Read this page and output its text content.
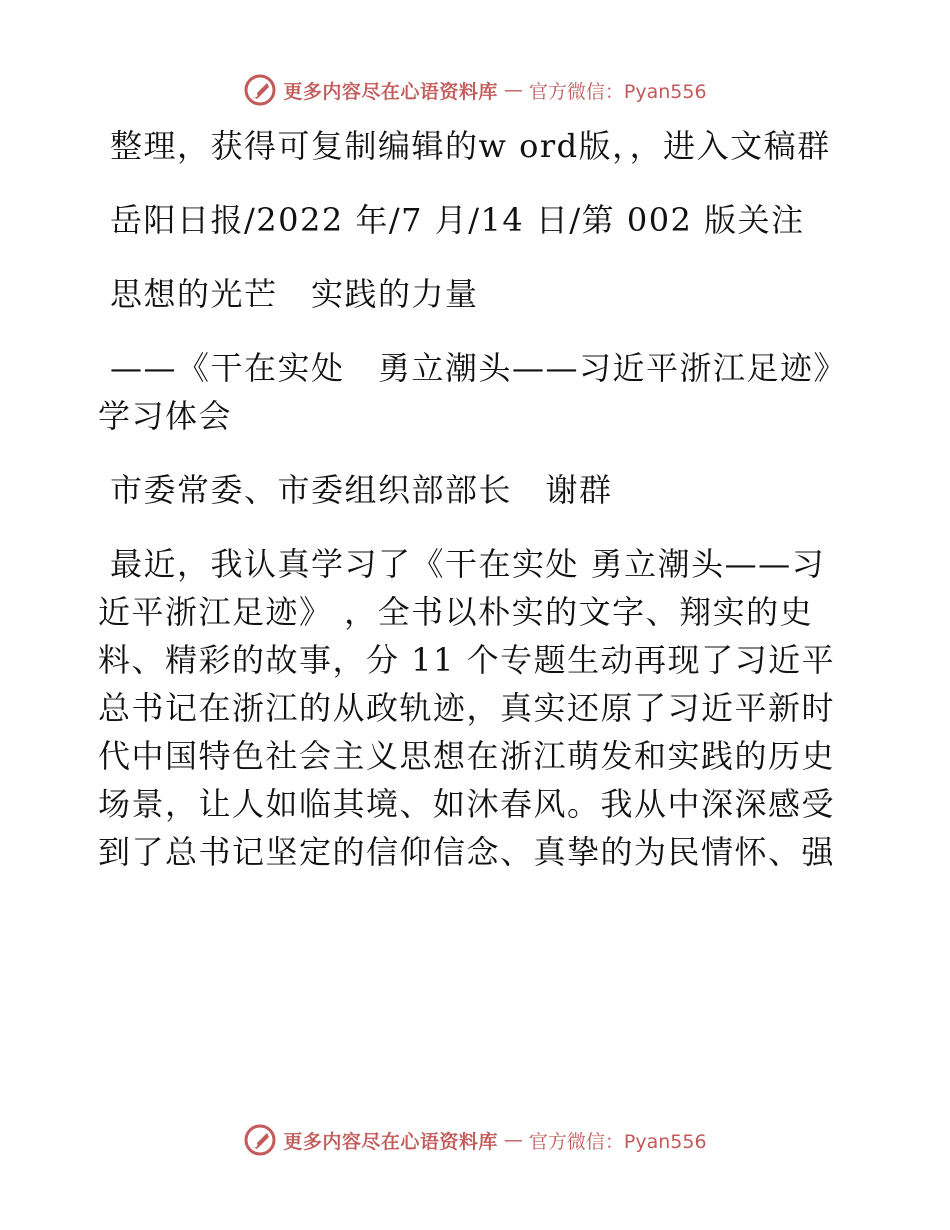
更多内容尽在心语资料库 — 官方微信：Pyan556

整理，获得可复制编辑的w ord版，，进入文稿群

岳阳日报/2022 年/7 月/14 日/第 002 版关注

思想的光芒　实践的力量

——《干在实处　勇立潮头——习近平浙江足迹》学习体会

市委常委、市委组织部部长　谢群

最近，我认真学习了《干在实处 勇立潮头——习近平浙江足迹》 ，全书以朴实的文字、翔实的史料、精彩的故事，分 11 个专题生动再现了习近平总书记在浙江的从政轨迹，真实还原了习近平新时代中国特色社会主义思想在浙江萌发和实践的历史场景，让人如临其境、如沐春风。我从中深深感受到了总书记坚定的信仰信念、真挚的为民情怀、强

更多内容尽在心语资料库 — 官方微信：Pyan556
